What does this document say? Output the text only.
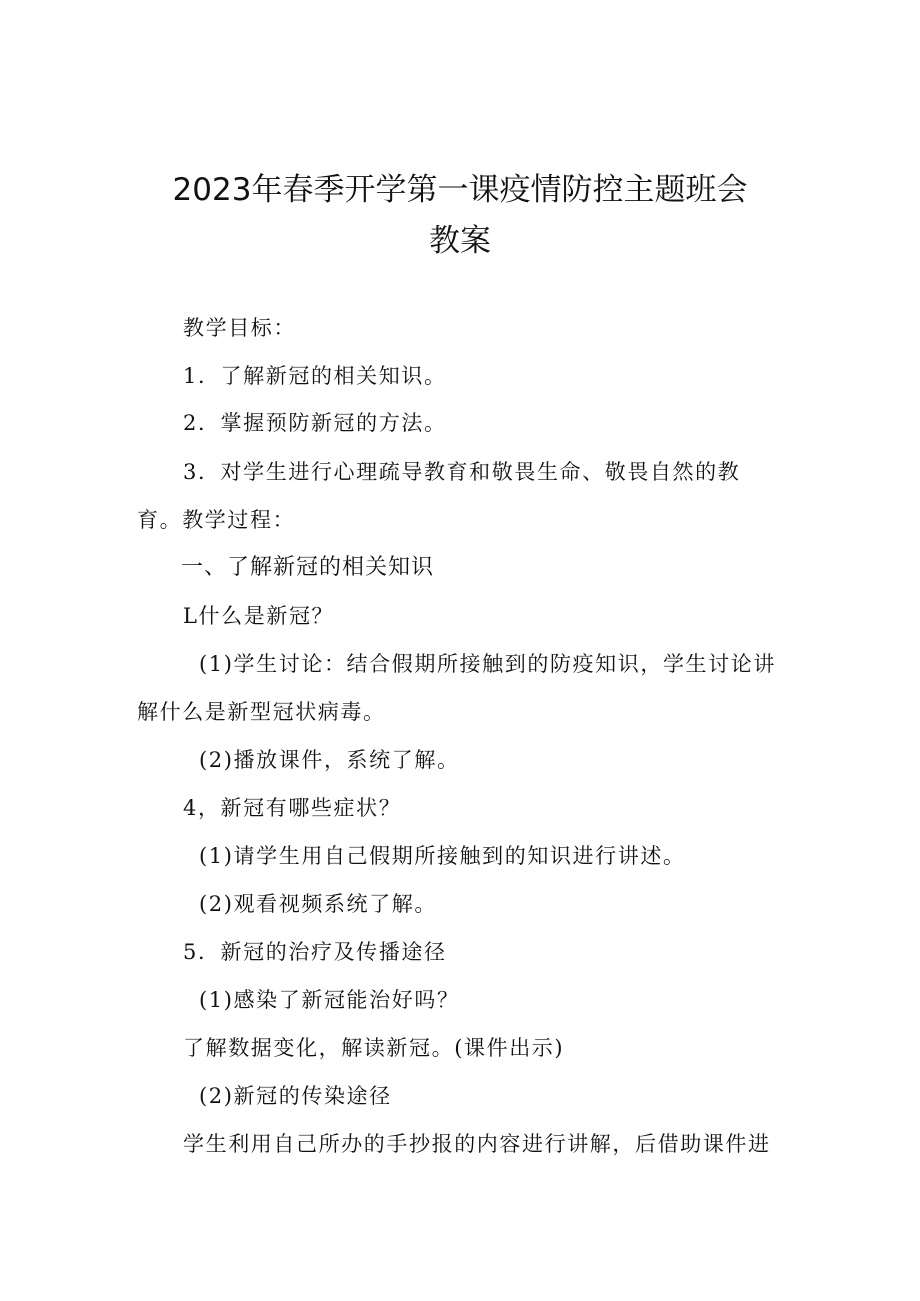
2023年春季开学第一课疫情防控主题班会
教案
教学目标：
1．了解新冠的相关知识。
2．掌握预防新冠的方法。
3．对学生进行心理疏导教育和敬畏生命、敬畏自然的教
育。教学过程：
一、了解新冠的相关知识
L什么是新冠？
(1)学生讨论：结合假期所接触到的防疫知识，学生讨论讲
解什么是新型冠状病毒。
(2)播放课件，系统了解。
4，新冠有哪些症状？
(1)请学生用自己假期所接触到的知识进行讲述。
(2)观看视频系统了解。
5．新冠的治疗及传播途径
(1)感染了新冠能治好吗？
了解数据变化，解读新冠。(课件出示)
(2)新冠的传染途径
学生利用自己所办的手抄报的内容进行讲解，后借助课件进
